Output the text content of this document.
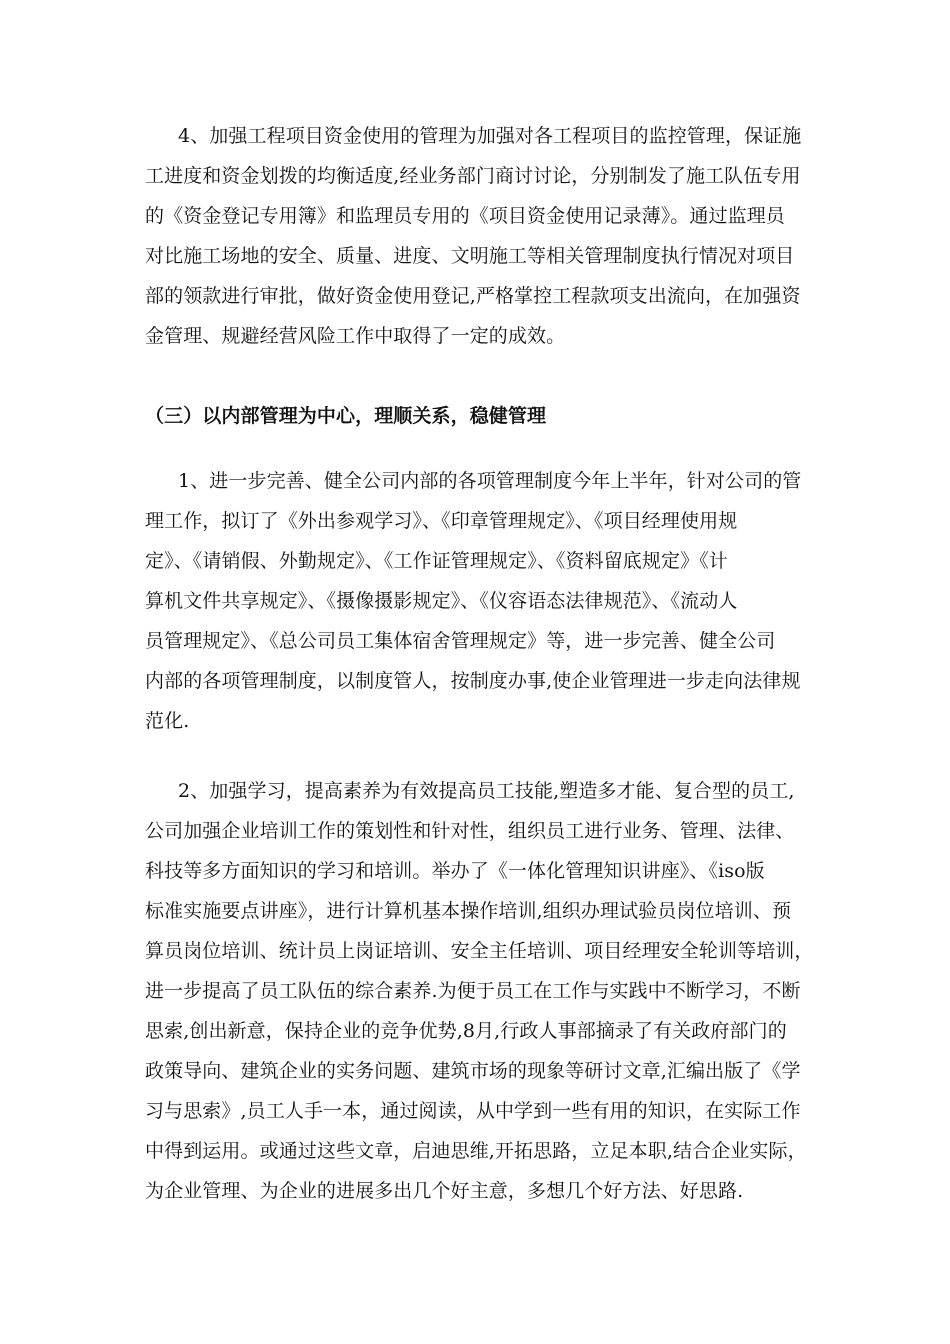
4、加强工程项目资金使用的管理为加强对各工程项目的监控管理，保证施
工进度和资金划拨的均衡适度,经业务部门商讨讨论，分别制发了施工队伍专用
的《资金登记专用簿》和监理员专用的《项目资金使用记录薄》。通过监理员
对比施工场地的安全、质量、进度、文明施工等相关管理制度执行情况对项目
部的领款进行审批，做好资金使用登记,严格掌控工程款项支出流向，在加强资
金管理、规避经营风险工作中取得了一定的成效。
（三）以内部管理为中心，理顺关系，稳健管理
1、进一步完善、健全公司内部的各项管理制度今年上半年，针对公司的管
理工作，拟订了《外出参观学习》、《印章管理规定》、《项目经理使用规
定》、《请销假、外勤规定》、《工作证管理规定》、《资料留底规定》《计
算机文件共享规定》、《摄像摄影规定》、《仪容语态法律规范》、《流动人
员管理规定》、《总公司员工集体宿舍管理规定》等，进一步完善、健全公司
内部的各项管理制度，以制度管人，按制度办事,使企业管理进一步走向法律规
范化.
2、加强学习，提高素养为有效提高员工技能,塑造多才能、复合型的员工,
公司加强企业培训工作的策划性和针对性，组织员工进行业务、管理、法律、
科技等多方面知识的学习和培训。举办了《一体化管理知识讲座》、《iso版
标准实施要点讲座》，进行计算机基本操作培训,组织办理试验员岗位培训、预
算员岗位培训、统计员上岗证培训、安全主任培训、项目经理安全轮训等培训，
进一步提高了员工队伍的综合素养.为便于员工在工作与实践中不断学习，不断
思索,创出新意，保持企业的竞争优势,8月,行政人事部摘录了有关政府部门的
政策导向、建筑企业的实务问题、建筑市场的现象等研讨文章,汇编出版了《学
习与思索》,员工人手一本，通过阅读，从中学到一些有用的知识，在实际工作
中得到运用。或通过这些文章，启迪思维,开拓思路，立足本职,结合企业实际，
为企业管理、为企业的进展多出几个好主意，多想几个好方法、好思路.
